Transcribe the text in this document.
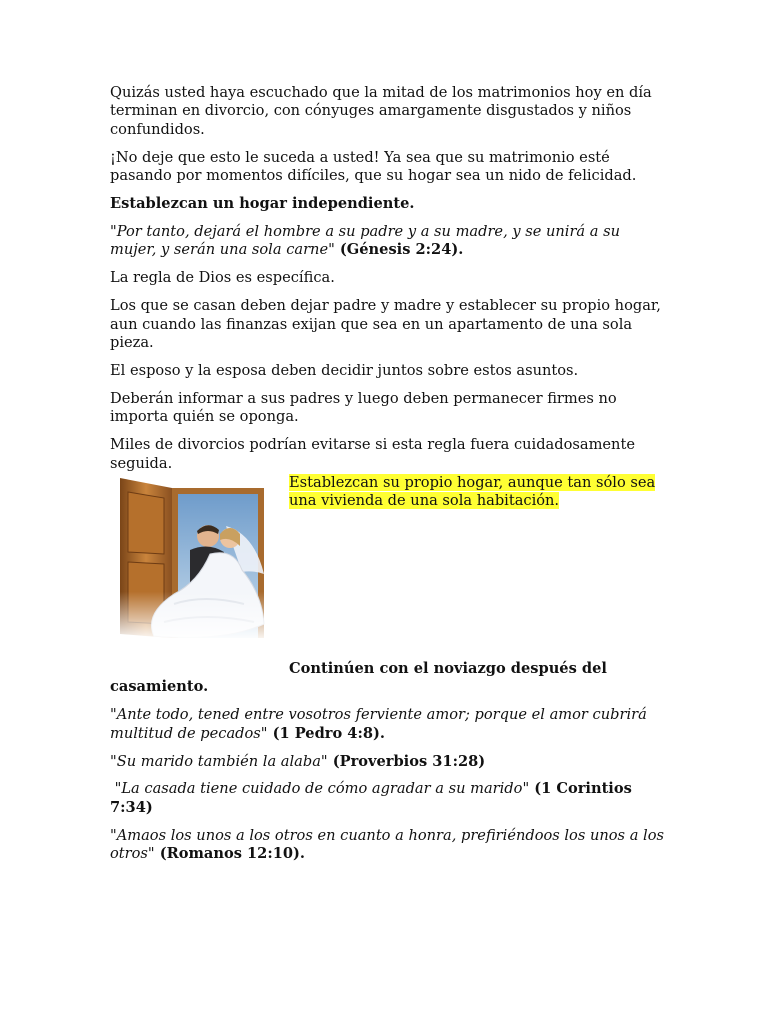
Quizás usted haya escuchado que la mitad de los matrimonios hoy en día terminan en divorcio, con cónyuges amargamente disgustados y niños confundidos.

¡No deje que esto le suceda a usted! Ya sea que su matrimonio esté pasando por momentos difíciles, que su hogar sea un nido de felicidad.

Establezcan un hogar independiente.

"Por tanto, dejará el hombre a su padre y a su madre, y se unirá a su mujer, y serán una sola carne" (Génesis 2:24).

La regla de Dios es específica.

Los que se casan deben dejar padre y madre y establecer su propio hogar, aun cuando las finanzas exijan que sea en un apartamento de una sola pieza.

El esposo y la esposa deben decidir juntos sobre estos asuntos.

Deberán informar a sus padres y luego deben permanecer firmes no importa quién se oponga.

Miles de divorcios podrían evitarse si esta regla fuera cuidadosamente seguida.

Establezcan su propio hogar, aunque tan sólo sea una vivienda de una sola habitación.

Continúen con el noviazgo después del
casamiento.

"Ante todo, tened entre vosotros ferviente amor; porque el amor cubrirá multitud de pecados" (1 Pedro 4:8).

"Su marido también la alaba" (Proverbios 31:28)

"La casada tiene cuidado de cómo agradar a su marido" (1 Corintios 7:34)

"Amaos los unos a los otros en cuanto a honra, prefiriéndoos los unos a los otros" (Romanos 12:10).
